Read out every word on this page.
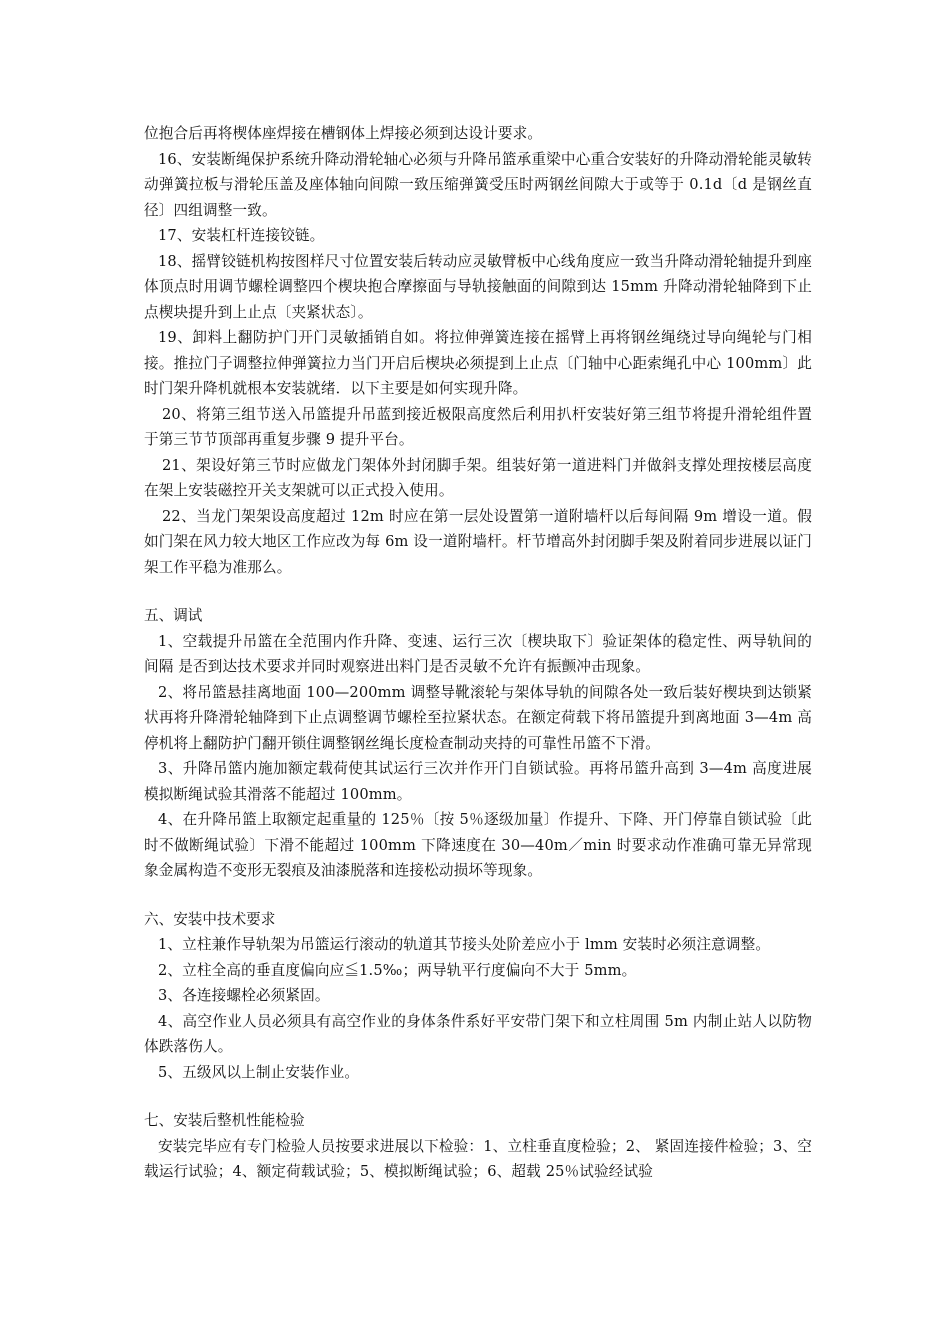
位抱合后再将楔体座焊接在槽钢体上焊接必须到达设计要求。

16、安装断绳保护系统升降动滑轮轴心必须与升降吊篮承重梁中心重合安装好的升降动滑轮能灵敏转动弹簧拉板与滑轮压盖及座体轴向间隙一致压缩弹簧受压时两钢丝间隙大于或等于 0.1d〔d 是钢丝直径〕四组调整一致。

17、安装杠杆连接铰链。

18、摇臂铰链机构按图样尺寸位置安装后转动应灵敏臂板中心线角度应一致当升降动滑轮轴提升到座体顶点时用调节螺栓调整四个楔块抱合摩擦面与导轨接触面的间隙到达 15mm 升降动滑轮轴降到下止点楔块提升到上止点〔夹紧状态〕。

19、卸料上翻防护门开门灵敏插销自如。将拉伸弹簧连接在摇臂上再将钢丝绳绕过导向绳轮与门相接。推拉门子调整拉伸弹簧拉力当门开启后楔块必须提到上止点〔门轴中心距索绳孔中心 100mm〕此时门架升降机就根本安装就绪．以下主要是如何实现升降。

20、将第三组节送入吊篮提升吊蓝到接近极限高度然后利用扒杆安装好第三组节将提升滑轮组件置于第三节节顶部再重复步骤 9 提升平台。

21、架设好第三节时应做龙门架体外封闭脚手架。组装好第一道进料门并做斜支撑处理按楼层高度在架上安装磁控开关支架就可以正式投入使用。

22、当龙门架架设高度超过 12m 时应在第一层处设置第一道附墙杆以后每间隔 9m 增设一道。假如门架在风力较大地区工作应改为每 6m 设一道附墙杆。杆节增高外封闭脚手架及附着同步进展以证门架工作平稳为准那么。

五、调试

1、空载提升吊篮在全范围内作升降、变速、运行三次〔楔块取下〕验证架体的稳定性、两导轨间的间隔 是否到达技术要求并同时观察进出料门是否灵敏不允许有振颤冲击现象。

2、将吊篮悬挂离地面 100—200mm 调整导靴滚轮与架体导轨的间隙各处一致后装好楔块到达锁紧状再将升降滑轮轴降到下止点调整调节螺栓至拉紧状态。在额定荷载下将吊篮提升到离地面 3—4m 高停机将上翻防护门翻开锁住调整钢丝绳长度检查制动夹持的可靠性吊篮不下滑。

3、升降吊篮内施加额定载荷使其试运行三次并作开门自锁试验。再将吊篮升高到 3—4m 高度进展模拟断绳试验其滑落不能超过 100mm。

4、在升降吊篮上取额定起重量的 125％〔按 5％逐级加量〕作提升、下降、开门停靠自锁试验〔此时不做断绳试验〕下滑不能超过 100mm 下降速度在 30—40m／min 时要求动作准确可靠无异常现象金属构造不变形无裂痕及油漆脱落和连接松动损坏等现象。

六、安装中技术要求

1、立柱兼作导轨架为吊篮运行滚动的轨道其节接头处阶差应小于 lmm 安装时必须注意调整。

2、立柱全高的垂直度偏向应≦1.5‰；两导轨平行度偏向不大于 5mm。

3、各连接螺栓必须紧固。

4、高空作业人员必须具有高空作业的身体条件系好平安带门架下和立柱周围 5m 内制止站人以防物体跌落伤人。

5、五级风以上制止安装作业。

七、安装后整机性能检验

安装完毕应有专门检验人员按要求进展以下检验：1、立柱垂直度检验；2、 紧固连接件检验；3、空载运行试验；4、额定荷载试验；5、模拟断绳试验；6、超载 25％试验经试验
